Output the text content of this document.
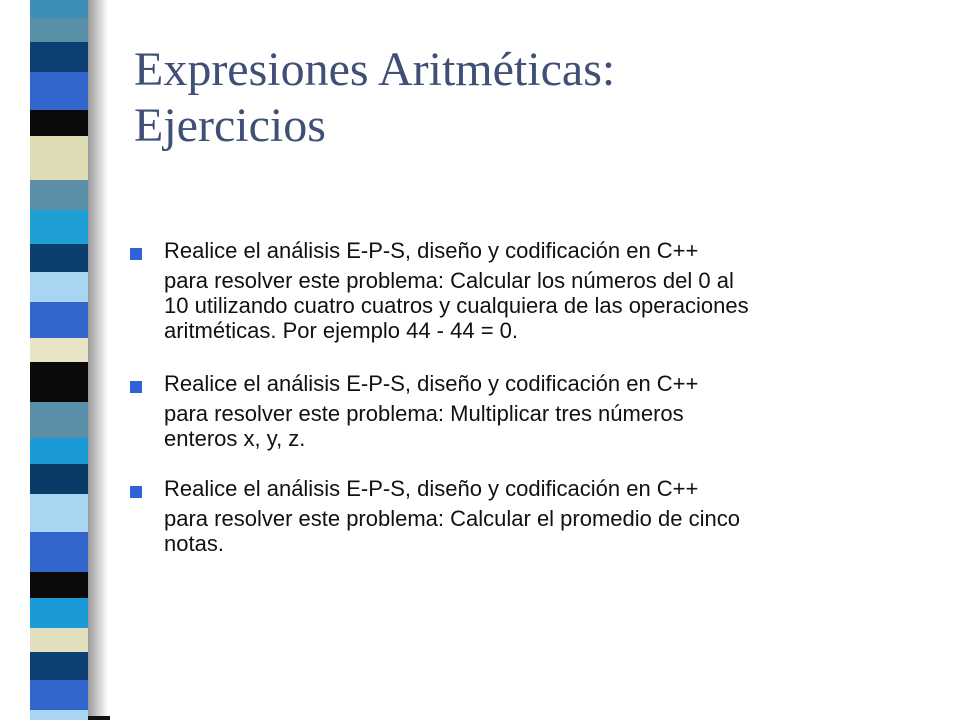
Expresiones Aritméticas:
Ejercicios

Realice el análisis E-P-S, diseño y codificación en C++

para resolver este problema: Calcular los números del 0 al
10 utilizando cuatro cuatros y cualquiera de las operaciones
aritméticas. Por ejemplo 44 - 44 = 0.

Realice el análisis E-P-S, diseño y codificación en C++

para resolver este problema: Multiplicar tres números
enteros x, y, z.

Realice el análisis E-P-S, diseño y codificación en C++

para resolver este problema: Calcular el promedio de cinco
notas.
